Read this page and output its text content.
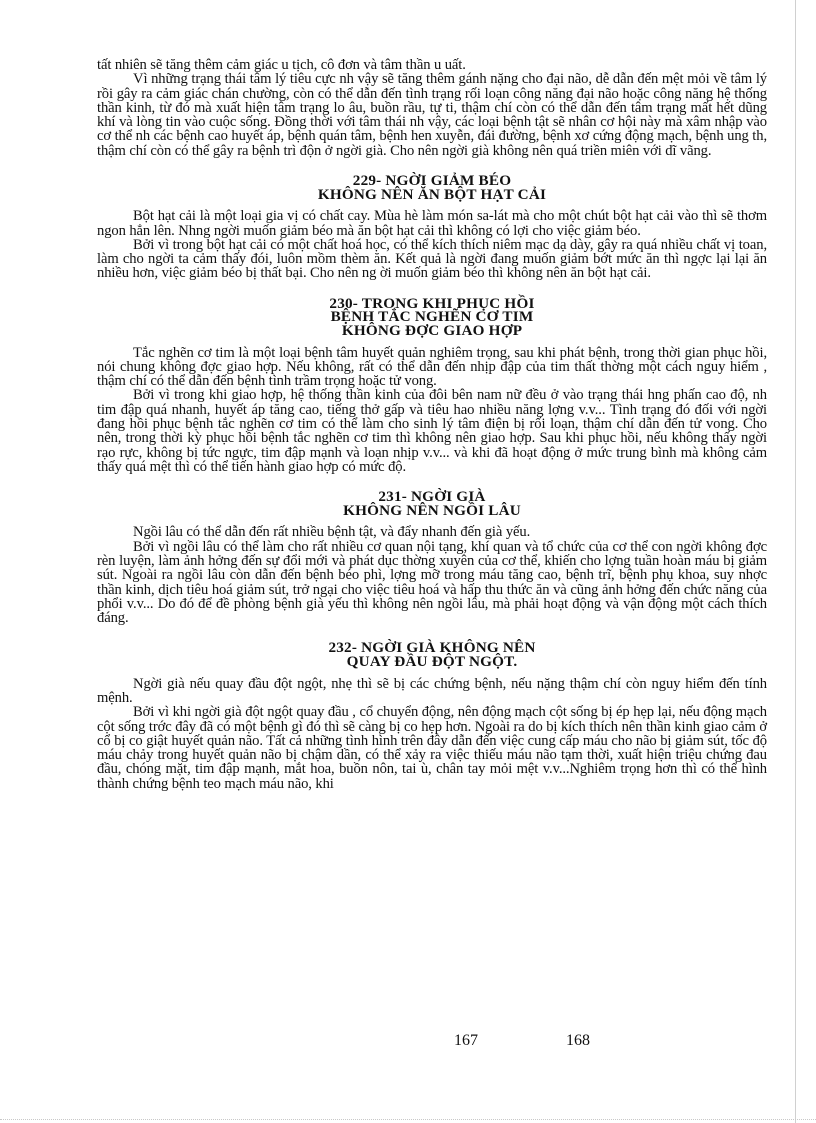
tất nhiên sẽ tăng thêm cảm giác u tịch, cô đơn và tâm thần u uất.

Vì những trạng thái tâm lý tiêu cực nh vậy sẽ tăng thêm gánh nặng cho đại não, dễ dẫn đến mệt mỏi về tâm lý rồi gây ra cảm giác chán chường, còn có thể dẫn đến tình trạng rối loạn công năng đại não hoặc công năng hệ thống thần kinh, từ đó mà xuất hiện tâm trạng lo âu, buồn rầu, tự ti, thậm chí còn có thể dẫn đến tâm trạng mất hết dũng khí và lòng tin vào cuộc sống. Đồng thời với tâm thái nh vậy, các loại bệnh tật sẽ nhân cơ hội này mà xâm nhập vào cơ thể nh các bệnh cao huyết áp, bệnh quán tâm, bệnh hen xuyễn, đái đường, bệnh xơ cứng động mạch, bệnh ung th, thậm chí còn có thể gây ra bệnh trì độn ở ngời già. Cho nên ngời già không nên quá triền miên với dĩ vãng.

229- NGỜI GIẢM BÉO
KHÔNG NÊN ĂN BỘT HẠT CẢI

Bột hạt cải là một loại gia vị có chất cay. Mùa hè làm món sa-lát mà cho một chút bột hạt cải vào thì sẽ thơm ngon hẳn lên. Nhng ngời muốn giảm béo mà ăn bột hạt cải thì không có lợi cho việc giảm béo.

Bởi vì trong bột hạt cải có một chất hoá học, có thể kích thích niêm mạc dạ dày, gây ra quá nhiều chất vị toan, làm cho ngời ta cảm thấy đói, luôn mồm thèm ăn. Kết quả là ngời đang muốn giảm bớt mức ăn thì ngợc lại lại ăn nhiều hơn, việc giảm béo bị thất bại. Cho nên ng ời muốn giảm béo thì không nên ăn bột hạt cải.

230- TRONG KHI PHỤC HỒI
BỆNH TẮC NGHẼN CƠ TIM
KHÔNG ĐỢC GIAO HỢP

Tắc nghẽn cơ tim là một loại bệnh tâm huyết quản nghiêm trọng, sau khi phát bệnh, trong thời gian phục hồi, nói chung không đợc giao hợp. Nếu không, rất có thể dẫn đến nhịp đập của tim thất thờng một cách nguy hiểm , thậm chí có thể dẫn đến bệnh tình trầm trọng hoặc tử vong.

Bởi vì trong khi giao hợp, hệ thống thần kinh của đôi bên nam nữ đều ở vào trạng thái hng phấn cao độ, nh tim đập quá nhanh, huyết áp tăng cao, tiếng thở gấp và tiêu hao nhiều năng lợng v.v... Tình trạng đó đối với ngời đang hồi phục bệnh tắc nghẽn cơ tim có thể làm cho sinh lý tâm điện bị rối loạn, thậm chí dẫn đến tử vong. Cho nên, trong thời kỳ phục hồi bệnh tắc nghẽn cơ tim thì không nên giao hợp. Sau khi phục hồi, nếu không thấy ngời rạo rực, không bị tức ngực, tim đập mạnh và loạn nhịp v.v... và khi đã hoạt động ở mức trung bình mà không cảm thấy quá mệt thì có thể tiến hành giao hợp có mức độ.

231- NGỜI GIÀ
KHÔNG NÊN NGỒI LÂU

Ngồi lâu có thể dẫn đến rất nhiều bệnh tật, và đẩy nhanh đến già yếu.

Bởi vì ngồi lâu có thể làm cho rất nhiều cơ quan nội tạng, khí quan và tổ chức của cơ thể con ngời không đợc rèn luyện, làm ảnh hởng đến sự đổi mới và phát dục thờng xuyên của cơ thể, khiến cho lợng tuần hoàn máu bị giảm sút. Ngoài ra ngồi lâu còn dẫn đến bệnh béo phì, lợng mỡ trong máu tăng cao, bệnh trĩ, bệnh phụ khoa, suy nhợc thần kinh, dịch tiêu hoá giảm sút, trở ngại cho việc tiêu hoá và hấp thu thức ăn và cũng ảnh hởng đến chức năng của phổi v.v... Do đó để đề phòng bệnh già yếu thì không nên ngồi lâu, mà phải hoạt động và vận động một cách thích đáng.

232- NGỜI GIÀ KHÔNG NÊN
QUAY ĐẦU ĐỘT NGỘT.

Ngời già nếu quay đầu đột ngột, nhẹ thì sẽ bị các chứng bệnh, nếu nặng thậm chí còn nguy hiểm đến tính mệnh.

Bởi vì khi ngời già đột ngột quay đầu , cổ chuyển động, nên động mạch cột sống bị ép hẹp lại, nếu động mạch cột sống trớc đây đã có một bệnh gì đó thì sẽ càng bị co hẹp hơn. Ngoài ra do bị kích thích nên thần kinh giao cảm ở cổ bị co giật huyết quản não. Tất cả những tình hình trên đây dẫn đến việc cung cấp máu cho não bị giảm sút, tốc độ máu chảy trong huyết quản não bị chậm dần, có thể xảy ra việc thiếu máu não tạm thời, xuất hiện triệu chứng đau đầu, chóng mặt, tim đập mạnh, mắt hoa, buồn nôn, tai ù, chân tay mỏi mệt v.v...Nghiêm trọng hơn thì có thể hình thành chứng bệnh teo mạch máu não, khi

167	168
